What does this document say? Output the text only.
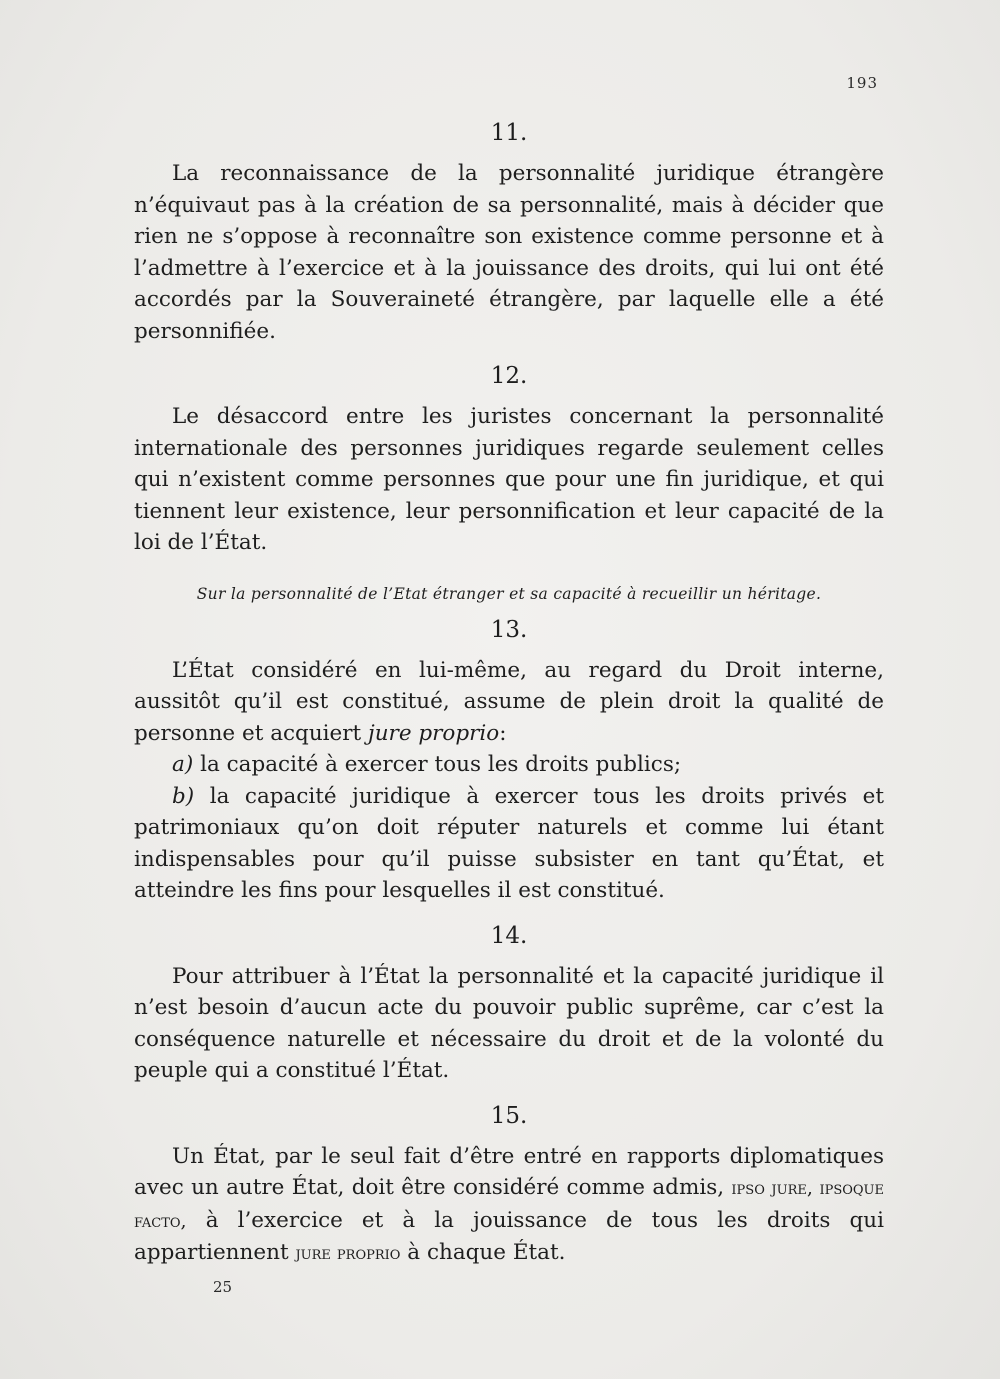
193
11.

La reconnaissance de la personnalité juridique étrangère n’équivaut pas à la création de sa personnalité, mais à décider que rien ne s’oppose à reconnaître son existence comme personne et à l’admettre à l’exercice et à la jouissance des droits, qui lui ont été accordés par la Souveraineté étrangère, par laquelle elle a été personnifiée.

12.

Le désaccord entre les juristes concernant la personnalité internationale des personnes juridiques regarde seulement celles qui n’existent comme personnes que pour une fin juridique, et qui tiennent leur existence, leur personnification et leur capacité de la loi de l’État.

Sur la personnalité de l’Etat étranger et sa capacité à recueillir un héritage.
13.

L’État considéré en lui-même, au regard du Droit interne, aussitôt qu’il est constitué, assume de plein droit la qualité de personne et acquiert jure proprio:

a) la capacité à exercer tous les droits publics;

b) la capacité juridique à exercer tous les droits privés et patrimoniaux qu’on doit réputer naturels et comme lui étant indispensables pour qu’il puisse subsister en tant qu’État, et atteindre les fins pour lesquelles il est constitué.

14.

Pour attribuer à l’État la personnalité et la capacité juridique il n’est besoin d’aucun acte du pouvoir public suprême, car c’est la conséquence naturelle et nécessaire du droit et de la volonté du peuple qui a constitué l’État.

15.

Un État, par le seul fait d’être entré en rapports diplomatiques avec un autre État, doit être considéré comme admis, ipso jure, ipsoque facto, à l’exercice et à la jouissance de tous les droits qui appartiennent jure proprio à chaque État.

25
